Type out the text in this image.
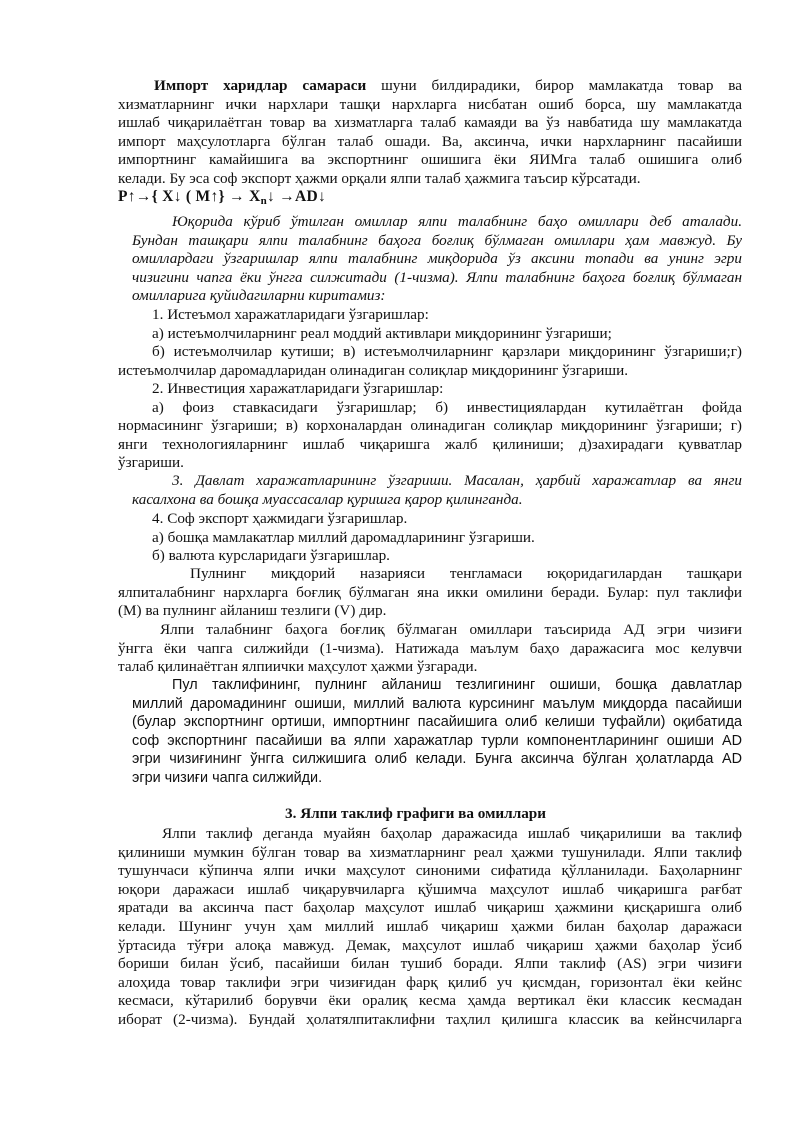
Импорт харидлар самараси шуни билдирадики, бирор мамлакатда товар ва
хизматларнинг ички нархлари ташқи нархларга нисбатан ошиб борса, шу мамлакатда
ишлаб чиқарилаётган товар ва хизматларга талаб камаяди ва ўз навбатида шу мамлакатда
импорт маҳсулотларга бўлган талаб ошади. Ва, аксинча, ички нархларнинг пасайиши
импортнинг камайишига ва экспортнинг ошишига ёки ЯИМга талаб ошишига олиб
келади. Бу эса соф экспорт ҳажми орқали ялпи талаб ҳажмига таъсир кўрсатади.
P↑→{ X↓ ( M↑} → $X_n↓$ →AD↓
Юқорида кўриб ўтилган омиллар ялпи талабнинг баҳо омиллари деб аталади.
Бундан ташқари ялпи талабнинг баҳога боғлиқ бўлмаган омиллари ҳам мавжуд. Бу
омиллардаги ўзгаришлар ялпи талабнинг миқдорида ўз аксини топади ва унинг эгри
чизигини чапга ёки ўнгга силжитади (1-чизма). Ялпи талабнинг баҳога боғлиқ бўлмаган
омилларига қуйидагиларни киритамиз:
1. Истеъмол харажатларидаги ўзгаришлар:
а) истеъмолчиларнинг реал моддий активлари миқдорининг ўзгариши;
б) истеъмолчилар кутиши; в) истеъмолчиларнинг қарзлари миқдорининг ўзгариши;г)
истеъмолчилар даромадларидан олинадиган солиқлар миқдорининг ўзгариши.
2. Инвестиция харажатларидаги ўзгаришлар:
а) фоиз ставкасидаги ўзгаришлар; б) инвестициялардан кутилаётган фойда
нормасининг ўзгариши; в) корхоналардан олинадиган солиқлар миқдорининг ўзгариши; г)
янги технологияларнинг ишлаб чиқаришга жалб қилиниши; д)захирадаги қувватлар
ўзгариши.
3. Давлат харажатларининг ўзгариши. Масалан, ҳарбий харажатлар ва янги
касалхона ва бошқа муассасалар қуришга қарор қилинганда.
4. Соф экспорт ҳажмидаги ўзгаришлар.
а) бошқа мамлакатлар миллий даромадларининг ўзгариши.
б) валюта курсларидаги ўзгаришлар.
Пулнинг миқдорий назарияси тенгламаси юқоридагилардан ташқари
ялпиталабнинг нархларга боғлиқ бўлмаган яна икки омилини беради. Булар: пул таклифи
(М) ва пулнинг айланиш тезлиги (V) дир.
Ялпи талабнинг баҳога боғлиқ бўлмаган омиллари таъсирида АД эгри чизиғи
ўнгга ёки чапга силжийди (1-чизма). Натижада маълум баҳо даражасига мос келувчи
талаб қилинаётган ялпиички маҳсулот ҳажми ўзгаради.
Пул таклифининг, пулнинг айланиш тезлигининг ошиши, бошқа давлатлар
миллий даромадининг ошиши, миллий валюта курсининг маълум миқдорда пасайиши
(булар экспортнинг ортиши, импортнинг пасайишига олиб келиши туфайли) оқибатида
соф экспортнинг пасайиши ва ялпи харажатлар турли компонентларининг ошиши AD
эгри чизиғининг ўнгга силжишига олиб келади. Бунга аксинча бўлган ҳолатларда AD
эгри чизиғи чапга силжийди.
3. Ялпи таклиф графиги ва омиллари
Ялпи таклиф деганда муайян баҳолар даражасида ишлаб чиқарилиши ва таклиф
қилиниши мумкин бўлган товар ва хизматларнинг реал ҳажми тушунилади. Ялпи таклиф
тушунчаси кўпинча ялпи ички маҳсулот синоними сифатида қўлланилади. Баҳоларнинг
юқори даражаси ишлаб чиқарувчиларга қўшимча маҳсулот ишлаб чиқаришга рағбат
яратади ва аксинча паст баҳолар маҳсулот ишлаб чиқариш ҳажмини қисқаришга олиб
келади. Шунинг учун ҳам миллий ишлаб чиқариш ҳажми билан баҳолар даражаси
ўртасида тўғри алоқа мавжуд. Демак, маҳсулот ишлаб чиқариш ҳажми баҳолар ўсиб
бориши билан ўсиб, пасайиши билан тушиб боради. Ялпи таклиф (AS) эгри чизиғи
алоҳида товар таклифи эгри чизиғидан фарқ қилиб уч қисмдан, горизонтал ёки кейнс
кесмаси, кўтарилиб борувчи ёки оралиқ кесма ҳамда вертикал ёки классик кесмадан
иборат (2-чизма). Бундай ҳолатялпитаклифни таҳлил қилишга классик ва кейнсчиларга
